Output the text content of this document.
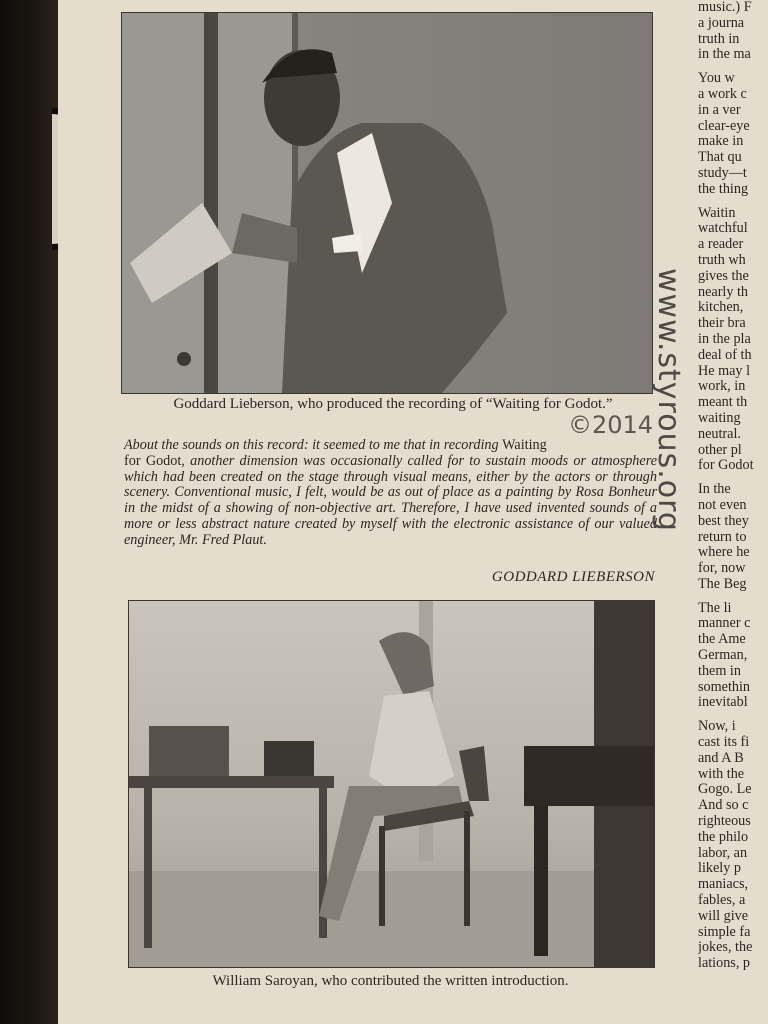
Goddard Lieberson, who produced the recording of “Waiting for Godot.”
About the sounds on this record: it seemed to me that in recording Waiting
for Godot, another dimension was occasionally called for to sustain moods or atmosphere which had been created on the stage through visual means, either by the actors or through scenery. Conventional music, I felt, would be as out of place as a painting by Rosa Bonheur in the midst of a showing of non-objective art. Therefore, I have used invented sounds of a more or less abstract nature created by myself with the electronic assistance of our valued engineer, Mr. Fred Plaut.
GODDARD LIEBERSON
©2014
www.styrous.org
William Saroyan, who contributed the written introduction.
music.) F
a journa
truth in
in the ma
You w
a work c
in a ver
clear-eye
make in
That qu
study—t
the thing
Waitin
watchful
a reader
truth wh
gives the
nearly th
kitchen,
their bra
in the pla
deal of th
He may l
work, in
meant th
waiting
neutral.
other pl
for Godot
In the
not even
best they
return to
where he
for, now
The Beg
The li
manner c
the Ame
German,
them in
somethin
inevitabl
Now, i
cast its fi
and A B
with the
Gogo. Le
And so c
righteous
the philo
labor, an
likely p
maniacs,
fables, a
will give
simple fa
jokes, the
lations, p
